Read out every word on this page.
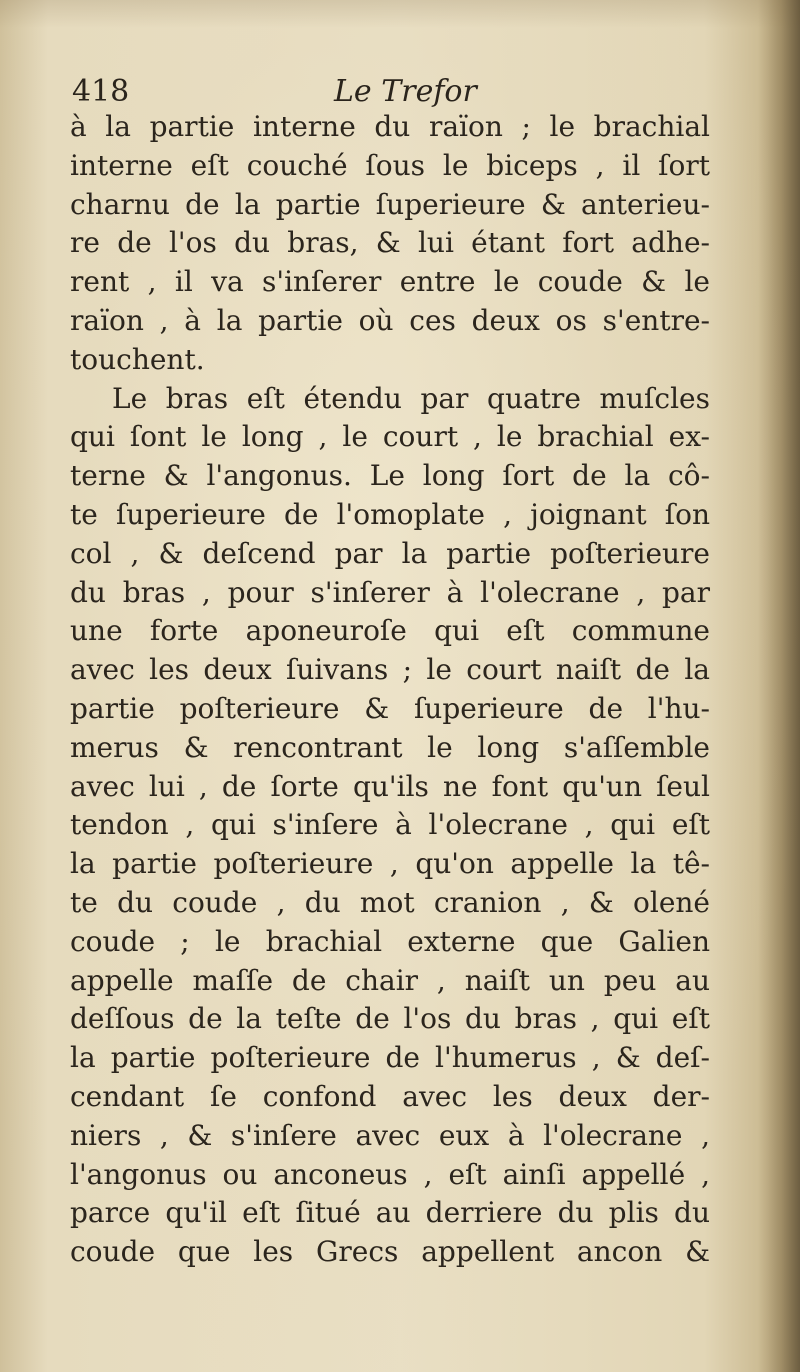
418	Le Trefor
à la partie interne du raïon ; le brachial
interne eſt couché ſous le biceps , il ſort
charnu de la partie ſuperieure & anterieu-
re de l'os du bras, & lui étant fort adhe-
rent , il va s'inſerer entre le coude & le
raïon , à la partie où ces deux os s'entre-
touchent.
Le bras eſt étendu par quatre muſcles
qui ſont le long , le court , le brachial ex-
terne & l'angonus. Le long ſort de la cô-
te ſuperieure de l'omoplate , joignant ſon
col , & deſcend par la partie poſterieure
du bras , pour s'inſerer à l'olecrane , par
une forte aponeuroſe qui eſt commune
avec les deux ſuivans ; le court naiſt de la
partie poſterieure & ſuperieure de l'hu-
merus & rencontrant le long s'aſſemble
avec lui , de ſorte qu'ils ne font qu'un ſeul
tendon , qui s'inſere à l'olecrane , qui eſt
la partie poſterieure , qu'on appelle la tê-
te du coude , du mot cranion , & olené
coude ; le brachial externe que Galien
appelle maſſe de chair , naiſt un peu au
deſſous de la teſte de l'os du bras , qui eſt
la partie poſterieure de l'humerus , & deſ-
cendant ſe confond avec les deux der-
niers , & s'inſere avec eux à l'olecrane ,
l'angonus ou anconeus , eſt ainſi appellé ,
parce qu'il eſt ſitué au derriere du plis du
coude que les Grecs appellent ancon &
